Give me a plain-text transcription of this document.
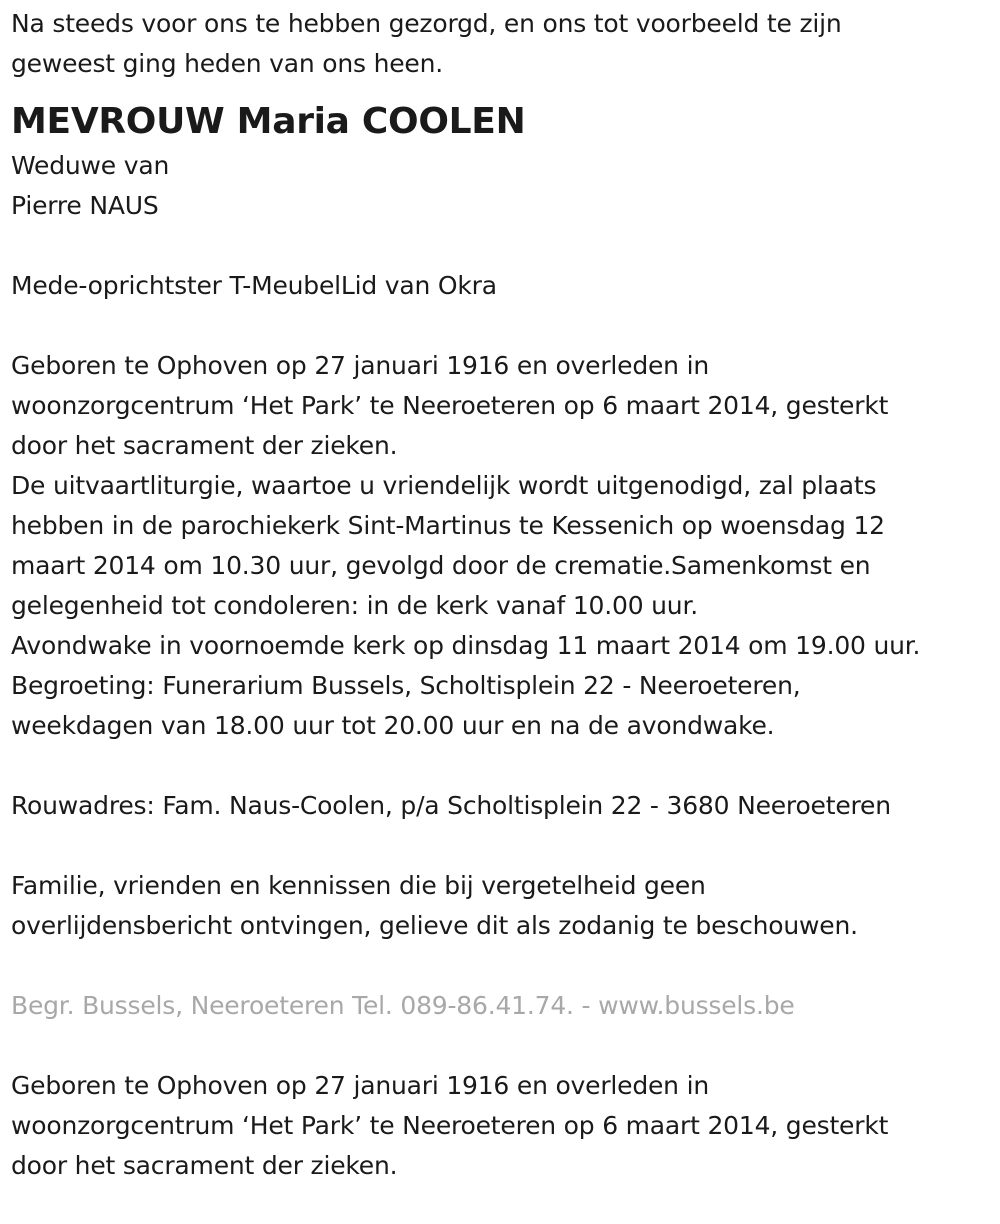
Na steeds voor ons te hebben gezorgd, en ons tot voorbeeld te zijn
geweest ging heden van ons heen.
MEVROUW Maria COOLEN
Weduwe van
Pierre NAUS
Mede-oprichtster T-MeubelLid van Okra
Geboren te Ophoven op 27 januari 1916 en overleden in
woonzorgcentrum ‘Het Park’ te Neeroeteren op 6 maart 2014, gesterkt
door het sacrament der zieken.
De uitvaartliturgie, waartoe u vriendelijk wordt uitgenodigd, zal plaats
hebben in de parochiekerk Sint-Martinus te Kessenich op woensdag 12
maart 2014 om 10.30 uur, gevolgd door de crematie.Samenkomst en
gelegenheid tot condoleren: in de kerk vanaf 10.00 uur.
Avondwake in voornoemde kerk op dinsdag 11 maart 2014 om 19.00 uur.
Begroeting: Funerarium Bussels, Scholtisplein 22 - Neeroeteren,
weekdagen van 18.00 uur tot 20.00 uur en na de avondwake.
Rouwadres: Fam. Naus-Coolen, p/a Scholtisplein 22 - 3680 Neeroeteren
Familie, vrienden en kennissen die bij vergetelheid geen
overlijdensbericht ontvingen, gelieve dit als zodanig te beschouwen.
Begr. Bussels, Neeroeteren Tel. 089-86.41.74. - www.bussels.be
Geboren te Ophoven op 27 januari 1916 en overleden in
woonzorgcentrum ‘Het Park’ te Neeroeteren op 6 maart 2014, gesterkt
door het sacrament der zieken.
